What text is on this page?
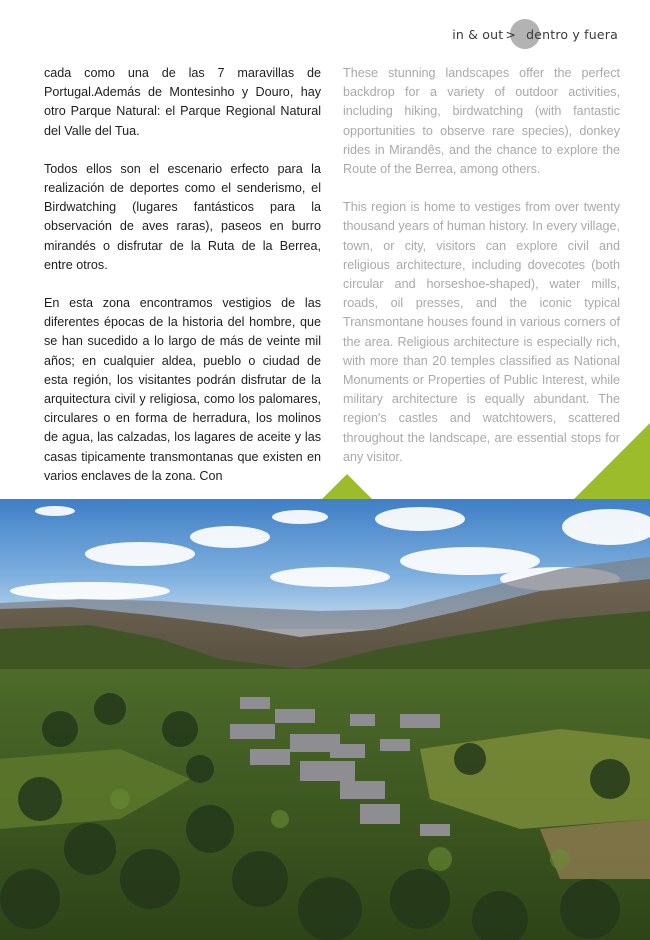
in & out > dentro y fuera

cada como una de las 7 maravillas de Portugal.Además de Montesinho y Douro, hay otro Parque Natural: el Parque Regional Natural del Valle del Tua.

Todos ellos son el escenario erfecto para la realización de deportes como el senderismo, el Birdwatching (lugares fantásticos para la observación de aves raras), paseos en burro mirandés o disfrutar de la Ruta de la Berrea, entre otros.

En esta zona encontramos vestigios de las diferentes épocas de la historia del hombre, que se han sucedido a lo largo de más de veinte mil años; en cualquier aldea, pueblo o ciudad de esta región, los visitantes podrán disfrutar de la arquitectura civil y religiosa, como los palomares, circulares o en forma de herradura, los molinos de agua, las calzadas, los lagares de aceite y las casas tipicamente transmontanas que existen en varios enclaves de la zona. Con

These stunning landscapes offer the perfect backdrop for a variety of outdoor activities, including hiking, birdwatching (with fantastic opportunities to observe rare species), donkey rides in Mirandês, and the chance to explore the Route of the Berrea, among others.

This region is home to vestiges from over twenty thousand years of human history. In every village, town, or city, visitors can explore civil and religious architecture, including dovecotes (both circular and horseshoe-shaped), water mills, roads, oil presses, and the iconic typical Transmontane houses found in various corners of the area. Religious architecture is especially rich, with more than 20 temples classified as National Monuments or Properties of Public Interest, while military architecture is equally abundant. The region's castles and watchtowers, scattered throughout the landscape, are essential stops for any visitor.
